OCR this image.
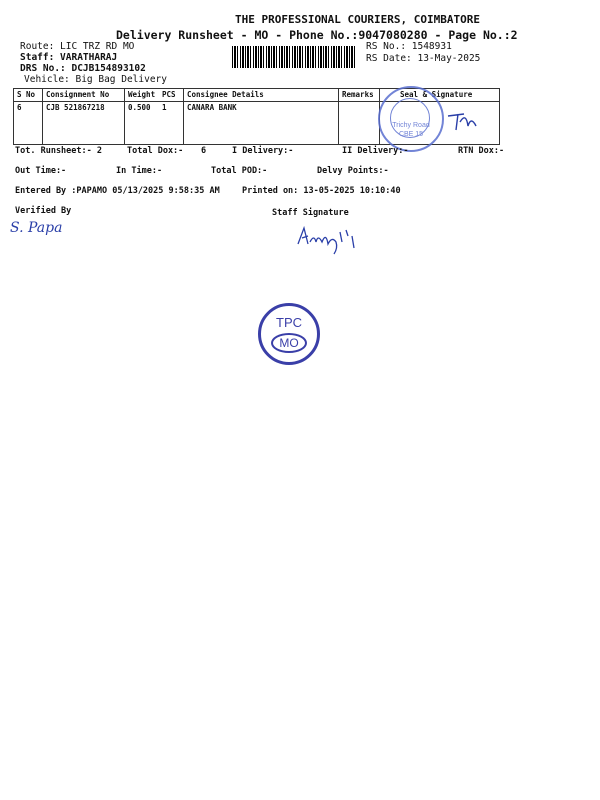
THE PROFESSIONAL COURIERS, COIMBATORE
Delivery Runsheet - MO - Phone No.:9047080280 - Page No.:2
Route: LIC TRZ RD MO
Staff: VARATHARAJ
DRS No.: DCJB154893102
Vehicle: Big Bag Delivery
RS No.: 1548931
RS Date: 13-May-2025
S No	Consignment No	Weight	PCS	Consignee Details	Remarks	Seal & Signature
6	CJB 521867218	0.500	1	CANARA BANK		
Trichy Road
CBE 15
Tot. Runsheet:- 2	Total Dox:- 6	I Delivery:-	II Delivery:-	RTN Dox:-
Out Time:-	In Time:-	Total POD:-	Delvy Points:-
Entered By :PAPAMO 05/13/2025 9:58:35 AM	Printed on: 13-05-2025 10:10:40
Verified By	Staff Signature
S. Papa
TPC
MO
